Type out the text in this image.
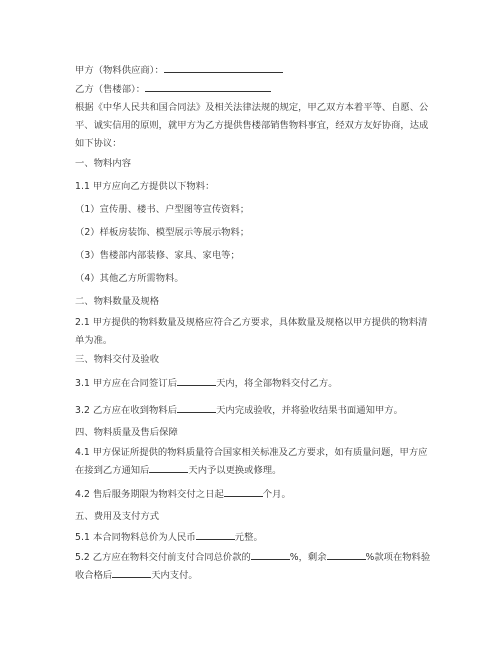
甲方（物料供应商）：
乙方（售楼部）：
根据《中华人民共和国合同法》及相关法律法规的规定，甲乙双方本着平等、自愿、公平、诚实信用的原则，就甲方为乙方提供售楼部销售物料事宜，经双方友好协商，达成如下协议：
一、物料内容
1.1 甲方应向乙方提供以下物料：
（1）宣传册、楼书、户型图等宣传资料；
（2）样板房装饰、模型展示等展示物料；
（3）售楼部内部装修、家具、家电等；
（4）其他乙方所需物料。
二、物料数量及规格
2.1 甲方提供的物料数量及规格应符合乙方要求，具体数量及规格以甲方提供的物料清单为准。
三、物料交付及验收
3.1 甲方应在合同签订后	天内，将全部物料交付乙方。
3.2 乙方应在收到物料后	天内完成验收，并将验收结果书面通知甲方。
四、物料质量及售后保障
4.1 甲方保证所提供的物料质量符合国家相关标准及乙方要求，如有质量问题，甲方应在接到乙方通知后	天内予以更换或修理。
4.2 售后服务期限为物料交付之日起	个月。
五、费用及支付方式
5.1 本合同物料总价为人民币	元整。
5.2 乙方应在物料交付前支付合同总价款的	%，剩余	%款项在物料验收合格后	天内支付。
